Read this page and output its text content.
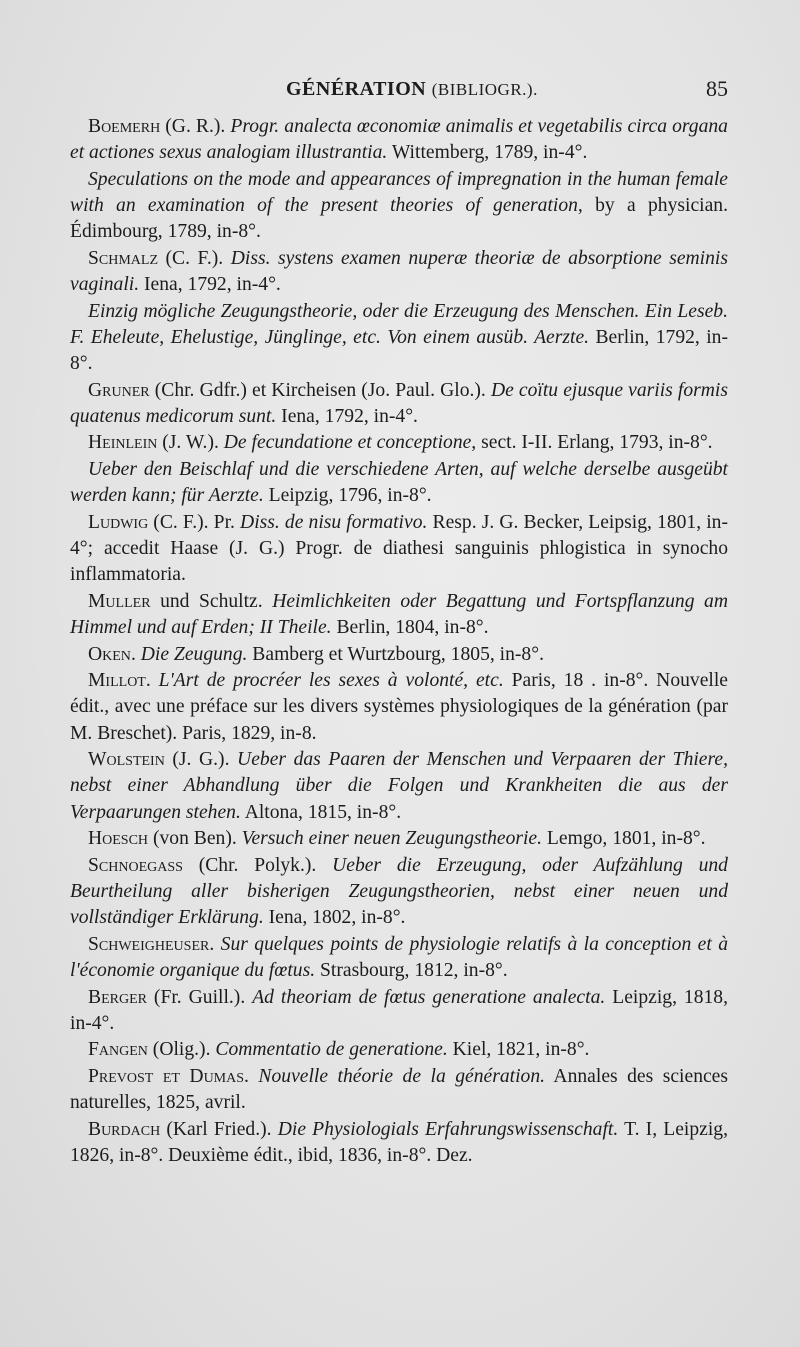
GÉNÉRATION (BIBLIOGR.).	85

Boemerh (G. R.). Progr. analecta œconomiæ animalis et vegetabilis circa organa et actiones sexus analogiam illustrantia. Wittemberg, 1789, in-4°.

Speculations on the mode and appearances of impregnation in the human female with an examination of the present theories of generation, by a physician. Édimbourg, 1789, in-8°.

Schmalz (C. F.). Diss. systens examen nuperæ theoriæ de absorptione seminis vaginali. Iena, 1792, in-4°.

Einzig mögliche Zeugungstheorie, oder die Erzeugung des Menschen. Ein Leseb. F. Eheleute, Ehelustige, Jünglinge, etc. Von einem ausüb. Aerzte. Berlin, 1792, in-8°.

Gruner (Chr. Gdfr.) et Kircheisen (Jo. Paul. Glo.). De coïtu ejusque variis formis quatenus medicorum sunt. Iena, 1792, in-4°.

Heinlein (J. W.). De fecundatione et conceptione, sect. I-II. Erlang, 1793, in-8°.

Ueber den Beischlaf und die verschiedene Arten, auf welche derselbe ausgeübt werden kann; für Aerzte. Leipzig, 1796, in-8°.

Ludwig (C. F.). Pr. Diss. de nisu formativo. Resp. J. G. Becker, Leipsig, 1801, in-4°; accedit Haase (J. G.) Progr. de diathesi sanguinis phlogistica in synocho inflammatoria.

Muller und Schultz. Heimlichkeiten oder Begattung und Fortspflanzung am Himmel und auf Erden; II Theile. Berlin, 1804, in-8°.

Oken. Die Zeugung. Bamberg et Wurtzbourg, 1805, in-8°.

Millot. L'Art de procréer les sexes à volonté, etc. Paris, 18 . in-8°. Nouvelle édit., avec une préface sur les divers systèmes physiologiques de la génération (par M. Breschet). Paris, 1829, in-8.

Wolstein (J. G.). Ueber das Paaren der Menschen und Verpaaren der Thiere, nebst einer Abhandlung über die Folgen und Krankheiten die aus der Verpaarungen stehen. Altona, 1815, in-8°.

Hoesch (von Ben). Versuch einer neuen Zeugungstheorie. Lemgo, 1801, in-8°.

Schnoegass (Chr. Polyk.). Ueber die Erzeugung, oder Aufzählung und Beurtheilung aller bisherigen Zeugungstheorien, nebst einer neuen und vollständiger Erklärung. Iena, 1802, in-8°.

Schweigheuser. Sur quelques points de physiologie relatifs à la conception et à l'économie organique du fœtus. Strasbourg, 1812, in-8°.

Berger (Fr. Guill.). Ad theoriam de fœtus generatione analecta. Leipzig, 1818, in-4°.

Fangen (Olig.). Commentatio de generatione. Kiel, 1821, in-8°.

Prevost et Dumas. Nouvelle théorie de la génération. Annales des sciences naturelles, 1825, avril.

Burdach (Karl Fried.). Die Physiologials Erfahrungswissenschaft. T. I, Leipzig, 1826, in-8°. Deuxième édit., ibid, 1836, in-8°. Dez.
